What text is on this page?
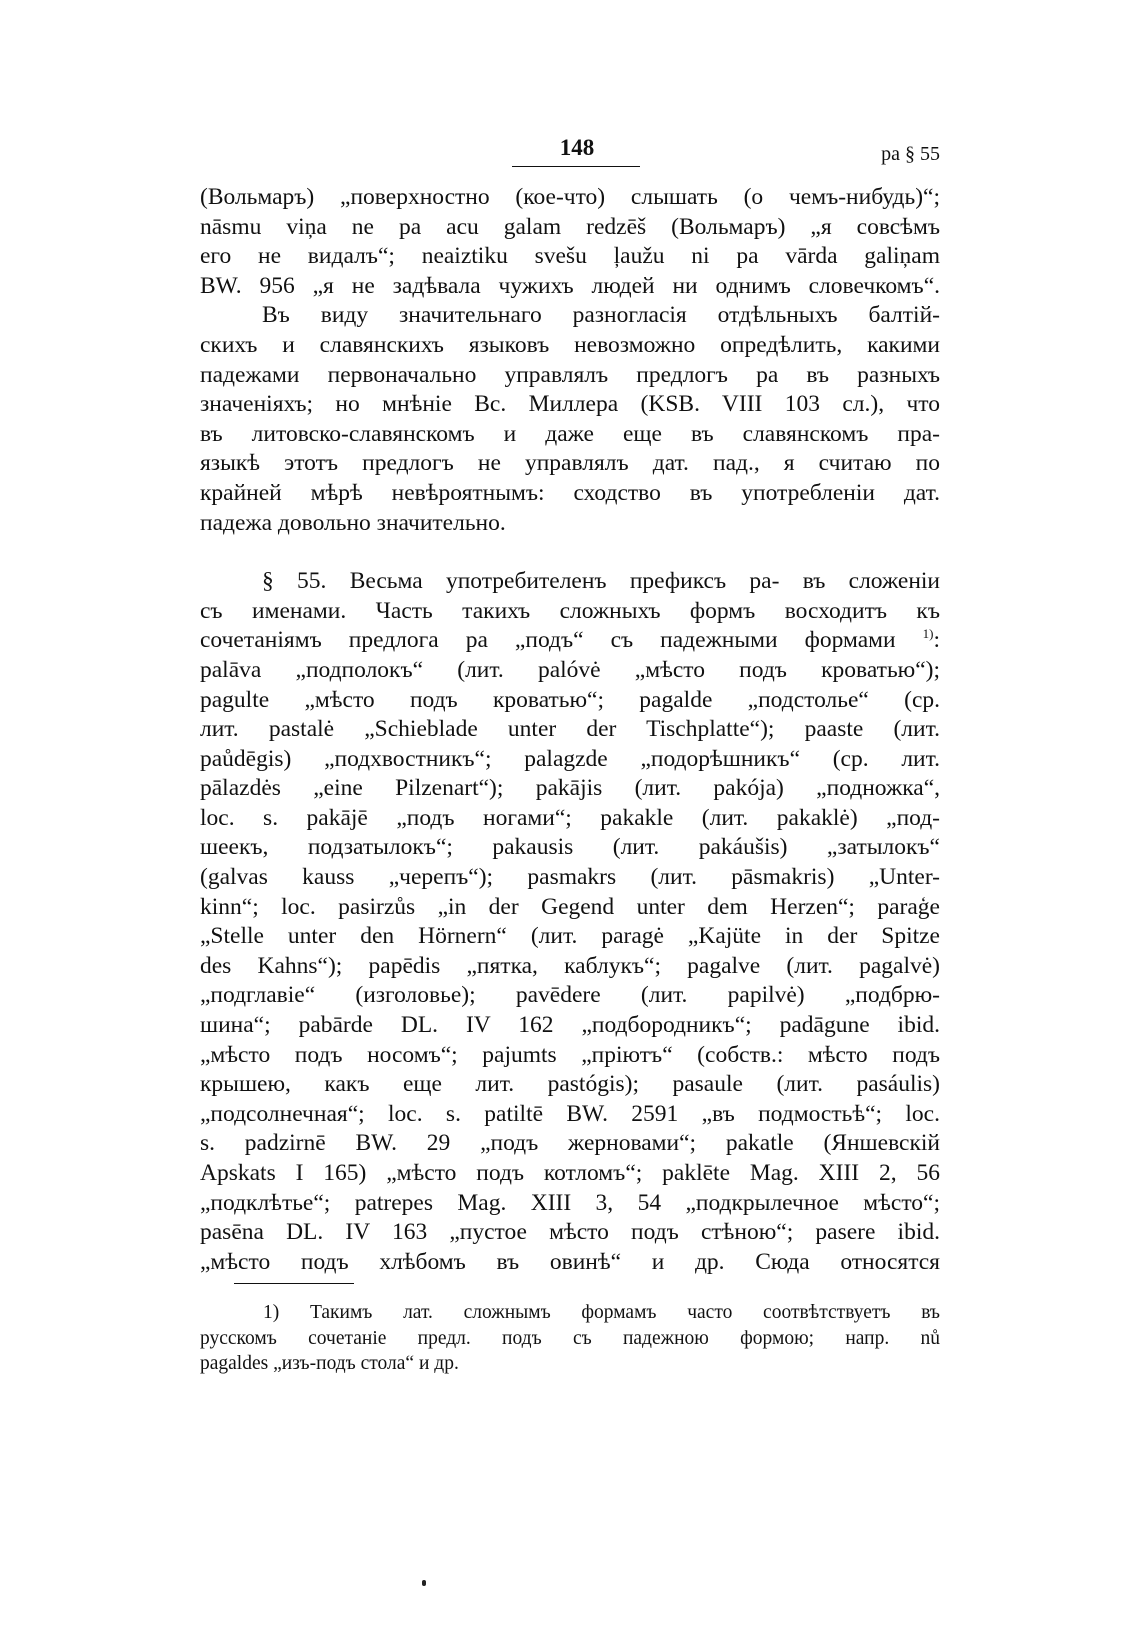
148	pa § 55
(Вольмаръ) „поверхностно (кое-что) слышать (о чемъ-нибудь)“;
nāsmu viņa ne pa acu galam redzēš (Вольмаръ) „я совсѣмъ
его не видалъ“; neaiztiku svešu ļaužu ni pa vārda galiņam
BW. 956 „я не задѣвала чужихъ людей ни однимъ словечкомъ“.
Въ виду значительнаго разногласія отдѣльныхъ балтій-
скихъ и славянскихъ языковъ невозможно опредѣлить, какими
падежами первоначально управлялъ предлогъ pa въ разныхъ
значеніяхъ; но мнѣніе Вс. Миллера (KSB. VIII 103 сл.), что
въ литовско-славянскомъ и даже еще въ славянскомъ пра-
языкѣ этотъ предлогъ не управлялъ дат. пад., я считаю по
крайней мѣрѣ невѣроятнымъ: сходство въ употребленіи дат.
падежа довольно значительно.
§ 55. Весьма употребителенъ префиксъ pa- въ сложеніи
съ именами. Часть такихъ сложныхъ формъ восходитъ къ
сочетаніямъ предлога pa „подъ“ съ падежными формами $^{1)}$:
palāva „подполокъ“ (лит. palóvė „мѣсто подъ кроватью“);
pagulte „мѣсто подъ кроватью“; pagalde „подстолье“ (ср.
лит. pastalė „Schieblade unter der Tischplatte“); paaste (лит.
paůdēgis) „подхвостникъ“; palagzde „подорѣшникъ“ (ср. лит.
pālazdės „eine Pilzenart“); pakājis (лит. pakója) „подножка“,
loc. s. pakājē „подъ ногами“; pakakle (лит. pakaklė) „под-
шеекъ, подзатылокъ“; pakausis (лит. pakáušis) „затылокъ“
(galvas kauss „черепъ“); pasmakrs (лит. pāsmakris) „Unter-
kinn“; loc. pasirzůs „in der Gegend unter dem Herzen“; paraģe
„Stelle unter den Hörnern“ (лит. paragė „Kajüte in der Spitze
des Kahns“); papēdis „пятка, каблукъ“; pagalve (лит. pagalvė)
„подглавіе“ (изголовье); pavēdere (лит. papilvė) „подбрю-
шина“; pabārde DL. IV 162 „подбородникъ“; padāgune ibid.
„мѣсто подъ носомъ“; pajumts „пріютъ“ (собств.: мѣсто подъ
крышею, какъ еще лит. pastógis); pasaule (лит. pasáulis)
„подсолнечная“; loc. s. patiltē BW. 2591 „въ подмостьѣ“; loc.
s. padzirnē BW. 29 „подъ жерновами“; pakatle (Яншевскій
Apskats I 165) „мѣсто подъ котломъ“; paklēte Mag. XIII 2, 56
„подклѣтье“; patrepes Mag. XIII 3, 54 „подкрылечное мѣсто“;
pasēna DL. IV 163 „пустое мѣсто подъ стѣною“; pasere ibid.
„мѣсто подъ хлѣбомъ въ овинѣ“ и др. Сюда относятся
1) Такимъ лат. сложнымъ формамъ часто соотвѣтствуетъ въ
русскомъ сочетаніе предл. подъ съ падежною формою; напр. nů
pagaldes „изъ-подъ стола“ и др.
